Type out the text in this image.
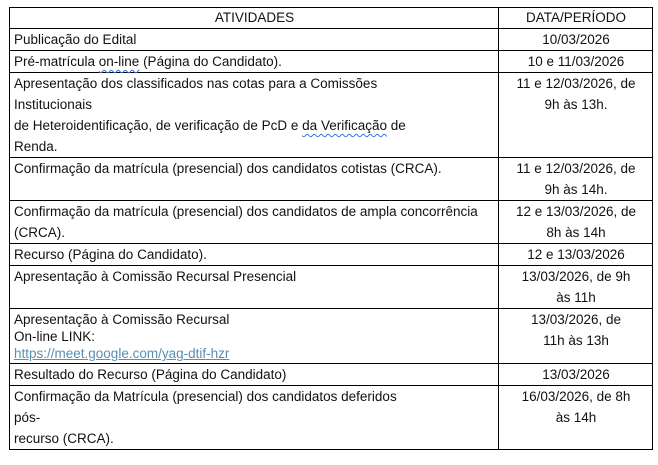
ATIVIDADES	DATA/PERÍODO
Publicação do Edital	10/03/2026
Pré-matrícula on-line (Página do Candidato).	10 e 11/03/2026

Apresentação dos classificados nas cotas para a Comissões
Institucionais
de Heteroidentificação, de verificação de PcD e da Verificação de
Renda.	11 e 12/03/2026, de
9h às 13h.

Confirmação da matrícula (presencial) dos candidatos cotistas (CRCA).	11 e 12/03/2026, de
9h às 14h.

Confirmação da matrícula (presencial) dos candidatos de ampla concorrência (CRCA).	12 e 13/03/2026, de
8h às 14h

Recurso (Página do Candidato).	12 e 13/03/2026
Apresentação à Comissão Recursal Presencial	13/03/2026, de 9h
às 11h

Apresentação à Comissão Recursal
On-line LINK:
https://meet.google.com/yag-dtif-hzr	13/03/2026, de
11h às 13h

Resultado do Recurso (Página do Candidato)	13/03/2026

Confirmação da Matrícula (presencial) dos candidatos deferidos
pós-
recurso (CRCA).	16/03/2026, de 8h
às 14h
